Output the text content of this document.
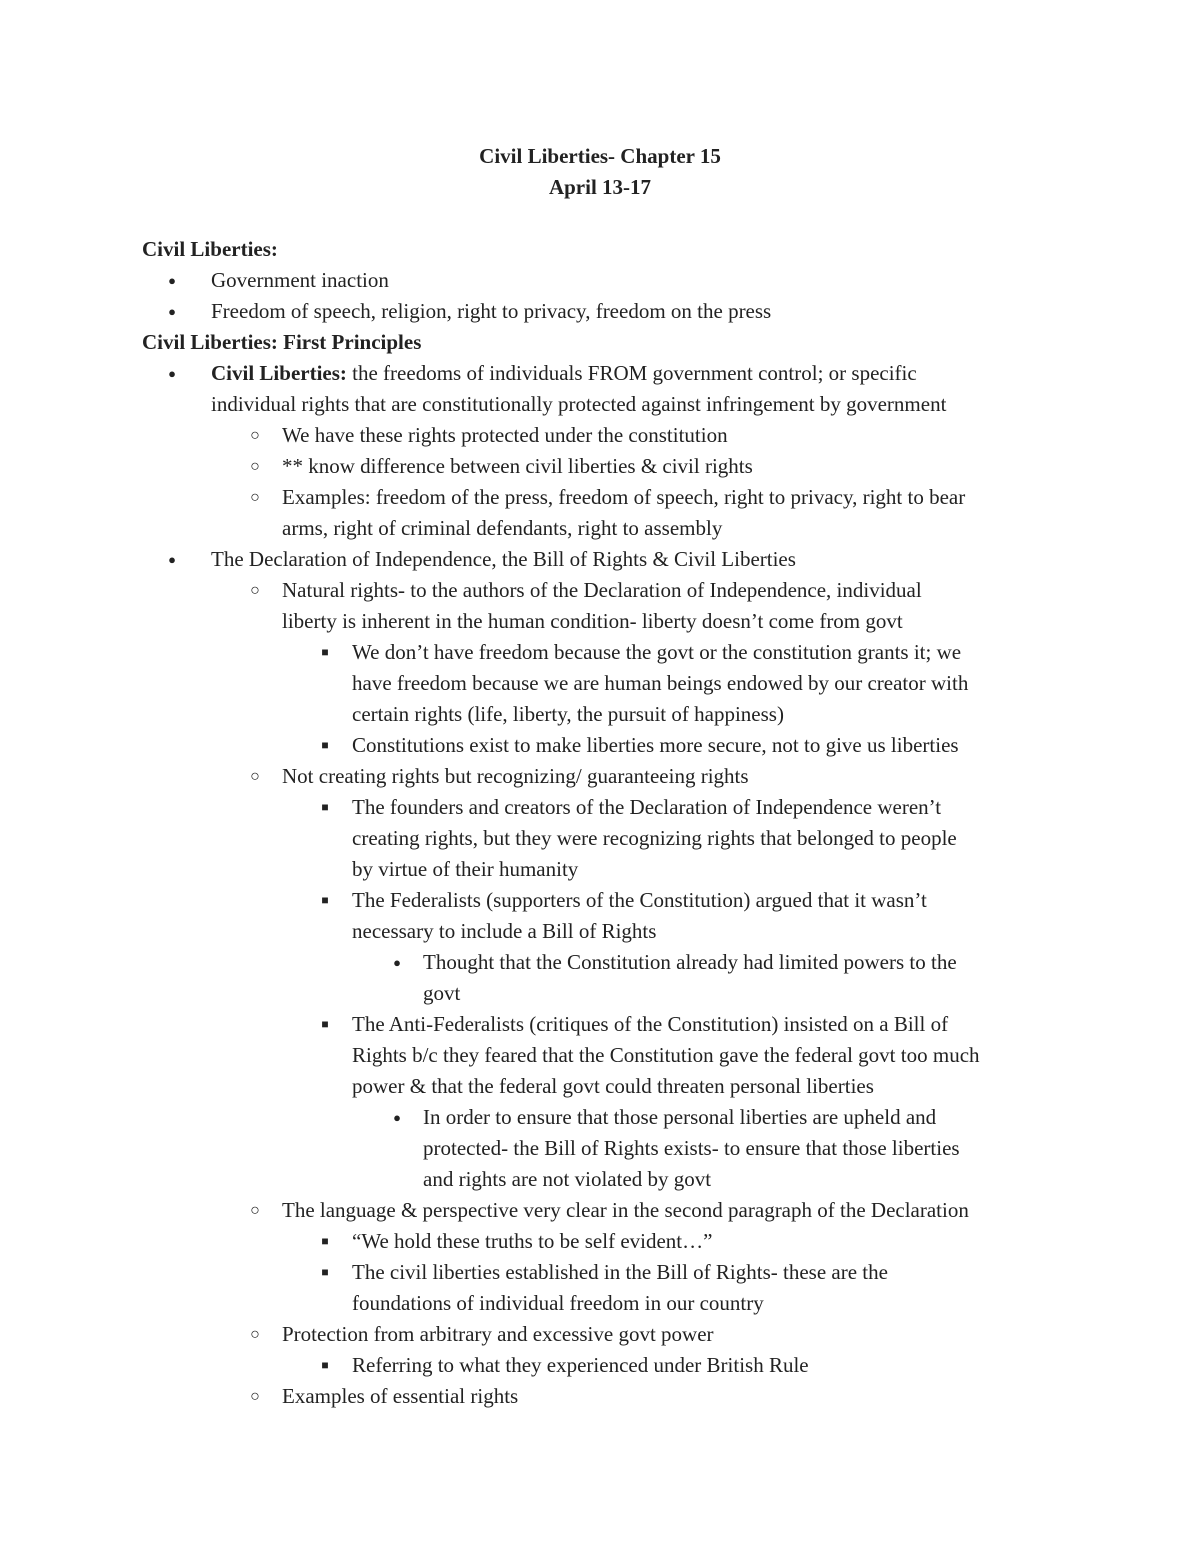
Civil Liberties- Chapter 15
April 13-17
Civil Liberties:
● Government inaction
● Freedom of speech, religion, right to privacy, freedom on the press
Civil Liberties: First Principles
● Civil Liberties: the freedoms of individuals FROM government control; or specific
individual rights that are constitutionally protected against infringement by government
○ We have these rights protected under the constitution
○ ** know difference between civil liberties & civil rights
○ Examples: freedom of the press, freedom of speech, right to privacy, right to bear
arms, right of criminal defendants, right to assembly
● The Declaration of Independence, the Bill of Rights & Civil Liberties
○ Natural rights- to the authors of the Declaration of Independence, individual
liberty is inherent in the human condition- liberty doesn’t come from govt
■	We don’t have freedom because the govt or the constitution grants it; we
have freedom because we are human beings endowed by our creator with
certain rights (life, liberty, the pursuit of happiness)
■	Constitutions exist to make liberties more secure, not to give us liberties
○ Not creating rights but recognizing/ guaranteeing rights
■	The founders and creators of the Declaration of Independence weren’t
creating rights, but they were recognizing rights that belonged to people
by virtue of their humanity
■	The Federalists (supporters of the Constitution) argued that it wasn’t
necessary to include a Bill of Rights
● Thought that the Constitution already had limited powers to the
govt
■	The Anti-Federalists (critiques of the Constitution) insisted on a Bill of
Rights b/c they feared that the Constitution gave the federal govt too much
power & that the federal govt could threaten personal liberties
● In order to ensure that those personal liberties are upheld and
protected- the Bill of Rights exists- to ensure that those liberties
and rights are not violated by govt
○ The language & perspective very clear in the second paragraph of the Declaration
■	“We hold these truths to be self evident…”
■	The civil liberties established in the Bill of Rights- these are the
foundations of individual freedom in our country
○ Protection from arbitrary and excessive govt power
■	Referring to what they experienced under British Rule
○ Examples of essential rights
